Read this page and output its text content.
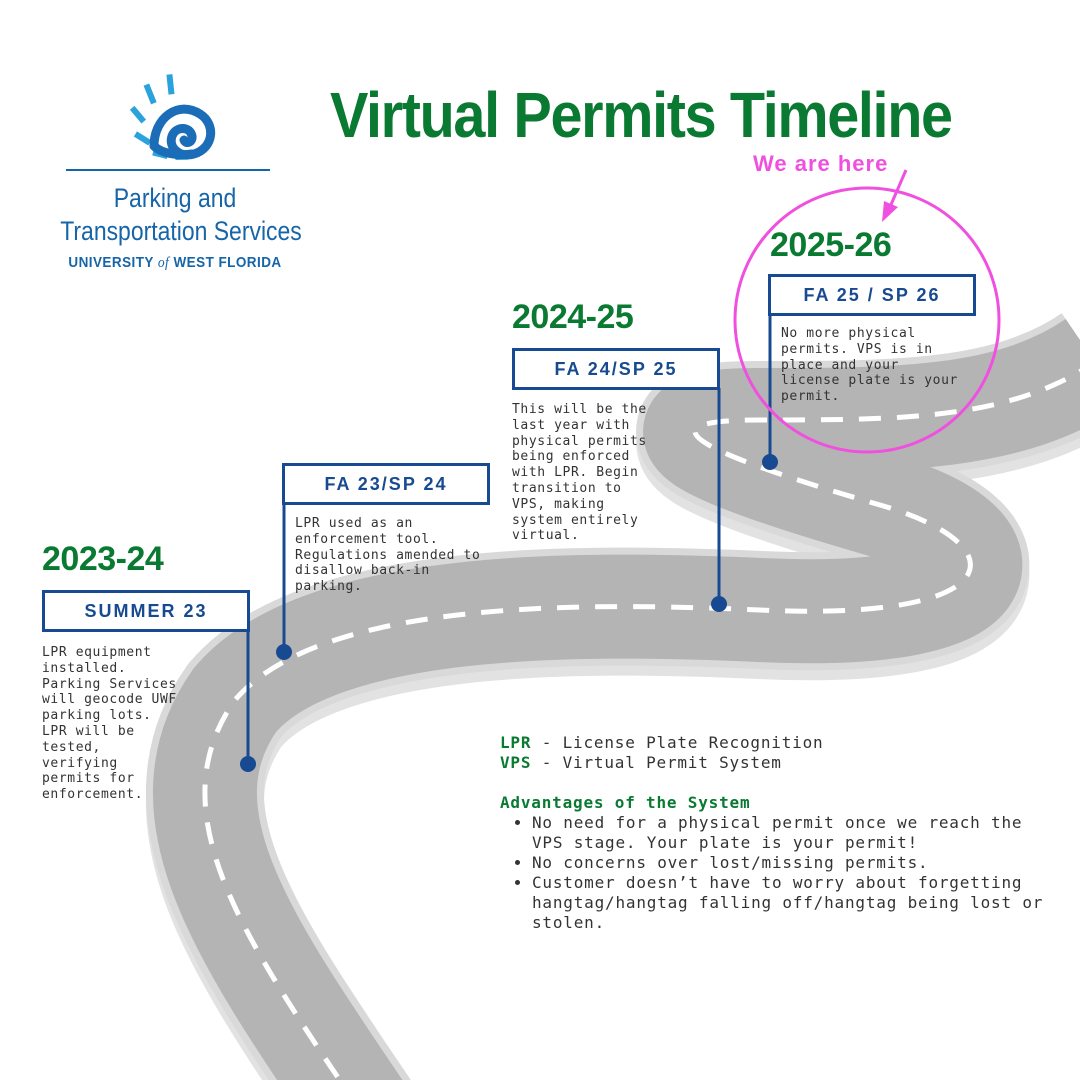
Parking and
Transportation Services
UNIVERSITY of WEST FLORIDA
Virtual Permits Timeline
We are here
2023-24
SUMMER 23
LPR equipment installed. Parking Services will geocode UWF parking lots. LPR will be tested, verifying permits for enforcement.
FA 23/SP 24
LPR used as an enforcement tool. Regulations amended to disallow back-in parking.
2024-25
FA 24/SP 25
This will be the last year with physical permits being enforced with LPR. Begin transition to VPS, making system entirely virtual.
2025-26
FA 25 / SP 26
No more physical permits. VPS is in place and your license plate is your permit.
LPR - License Plate Recognition
VPS - Virtual Permit System
Advantages of the System
• No need for a physical permit once we reach the VPS stage. Your plate is your permit!
• No concerns over lost/missing permits.
• Customer doesn’t have to worry about forgetting hangtag/hangtag falling off/hangtag being lost or stolen.
